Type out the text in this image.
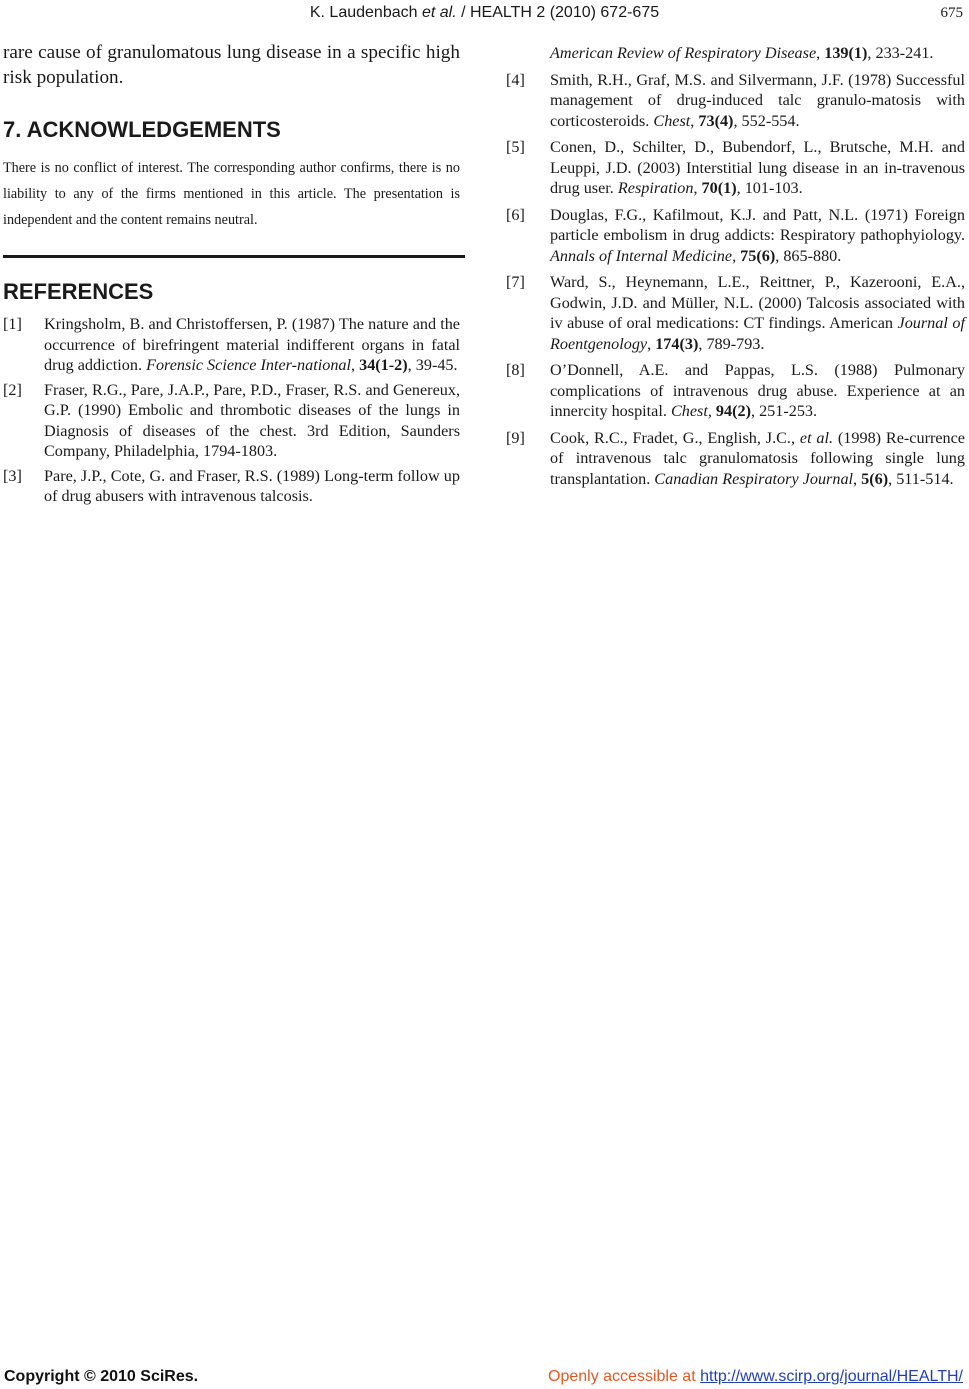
K. Laudenbach et al. / HEALTH 2 (2010) 672-675	675

rare cause of granulomatous lung disease in a specific high risk population.

7. ACKNOWLEDGEMENTS

There is no conflict of interest. The corresponding author confirms, there is no liability to any of the firms mentioned in this article. The presentation is independent and the content remains neutral.

REFERENCES
[1] Kringsholm, B. and Christoffersen, P. (1987) The nature and the occurrence of birefringent material indifferent organs in fatal drug addiction. Forensic Science Inter-national, 34(1-2), 39-45.
[2] Fraser, R.G., Pare, J.A.P., Pare, P.D., Fraser, R.S. and Genereux, G.P. (1990) Embolic and thrombotic diseases of the lungs in Diagnosis of diseases of the chest. 3rd Edition, Saunders Company, Philadelphia, 1794-1803.
[3] Pare, J.P., Cote, G. and Fraser, R.S. (1989) Long-term follow up of drug abusers with intravenous talcosis.

American Review of Respiratory Disease, 139(1), 233-241.

[4] Smith, R.H., Graf, M.S. and Silvermann, J.F. (1978) Successful management of drug-induced talc granulo-matosis with corticosteroids. Chest, 73(4), 552-554.
[5] Conen, D., Schilter, D., Bubendorf, L., Brutsche, M.H. and Leuppi, J.D. (2003) Interstitial lung disease in an in-travenous drug user. Respiration, 70(1), 101-103.
[6] Douglas, F.G., Kafilmout, K.J. and Patt, N.L. (1971) Foreign particle embolism in drug addicts: Respiratory pathophyiology. Annals of Internal Medicine, 75(6), 865-880.
[7] Ward, S., Heynemann, L.E., Reittner, P., Kazerooni, E.A., Godwin, J.D. and Müller, N.L. (2000) Talcosis associated with iv abuse of oral medications: CT findings. American Journal of Roentgenology, 174(3), 789-793.
[8] O’Donnell, A.E. and Pappas, L.S. (1988) Pulmonary complications of intravenous drug abuse. Experience at an innercity hospital. Chest, 94(2), 251-253.
[9] Cook, R.C., Fradet, G., English, J.C., et al. (1998) Re-currence of intravenous talc granulomatosis following single lung transplantation. Canadian Respiratory Journal, 5(6), 511-514.
Copyright © 2010 SciRes.	Openly accessible at http://www.scirp.org/journal/HEALTH/
